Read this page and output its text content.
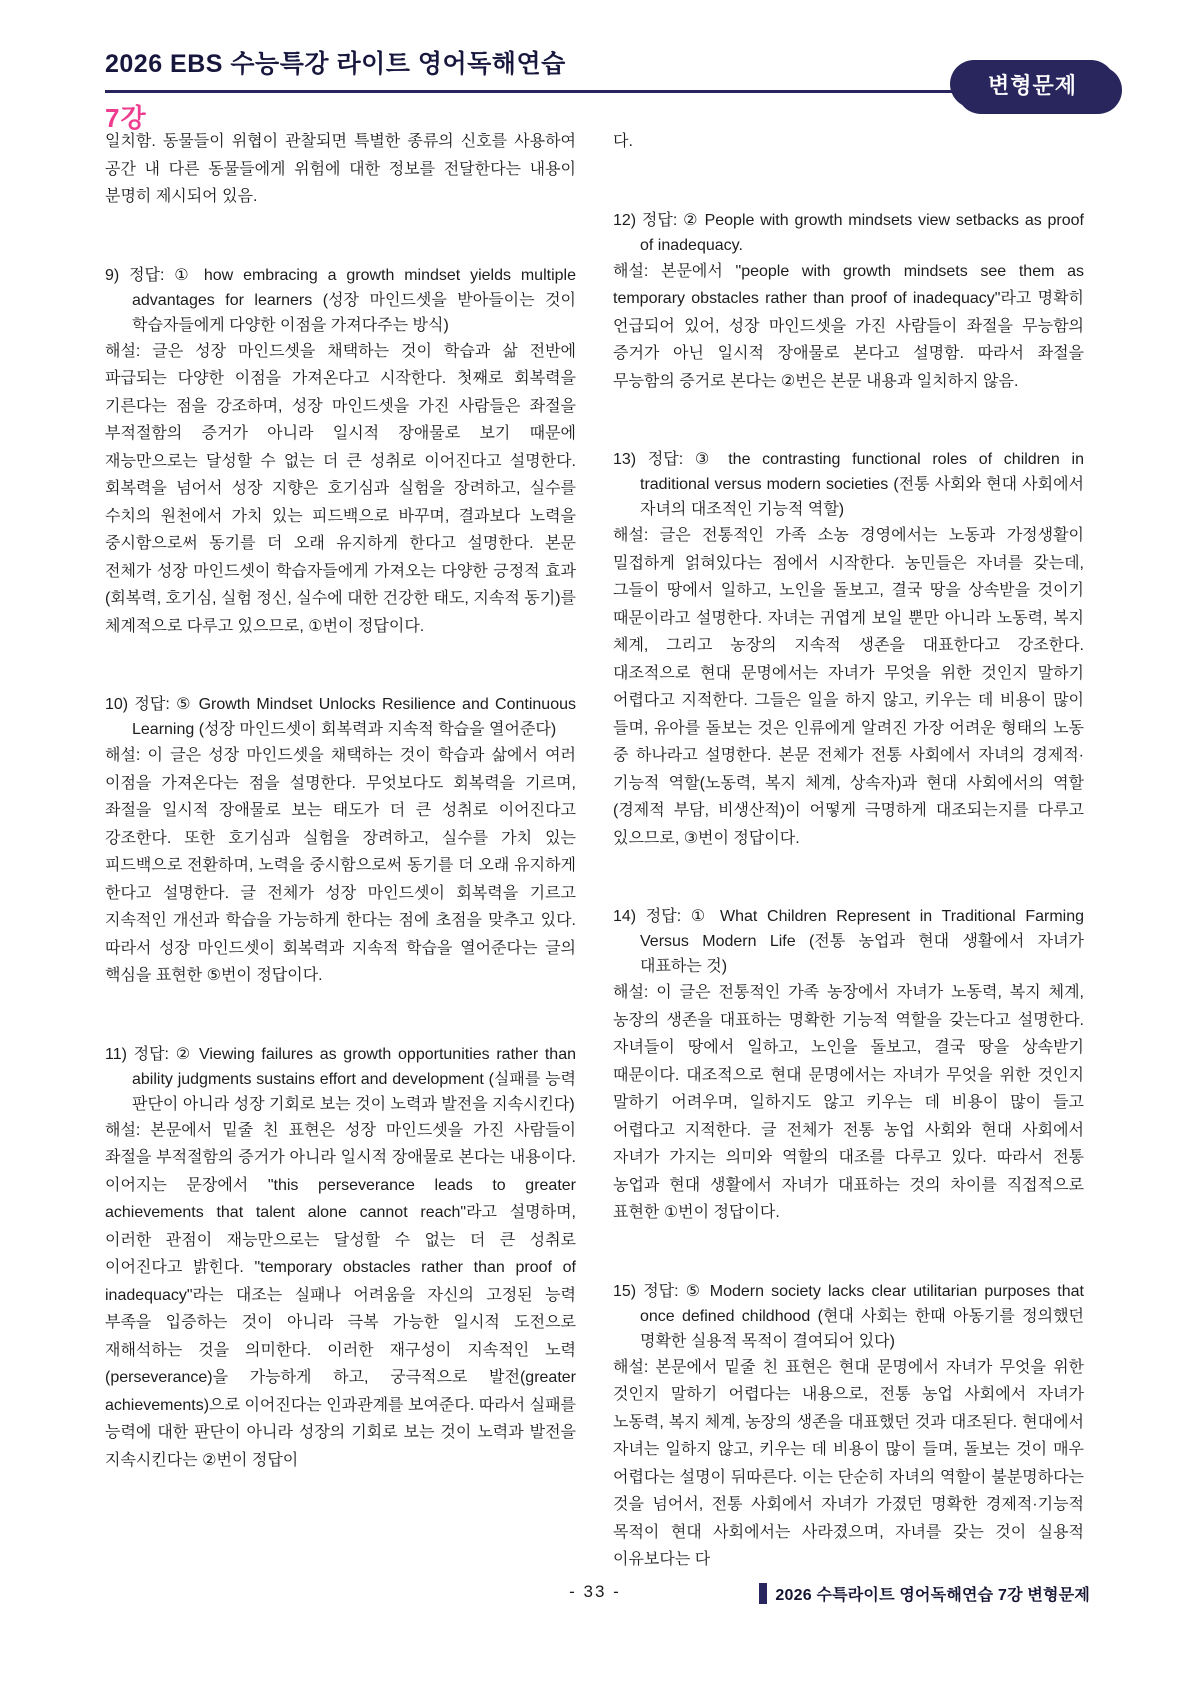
2026 EBS 수능특강 라이트 영어독해연습
변형문제
7강

일치함. 동물들이 위협이 관찰되면 특별한 종류의 신호를 사용하여 공간 내 다른 동물들에게 위험에 대한 정보를 전달한다는 내용이 분명히 제시되어 있음.

9) 정답: ① how embracing a growth mindset yields multiple advantages for learners (성장 마인드셋을 받아들이는 것이 학습자들에게 다양한 이점을 가져다주는 방식)

해설: 글은 성장 마인드셋을 채택하는 것이 학습과 삶 전반에 파급되는 다양한 이점을 가져온다고 시작한다. 첫째로 회복력을 기른다는 점을 강조하며, 성장 마인드셋을 가진 사람들은 좌절을 부적절함의 증거가 아니라 일시적 장애물로 보기 때문에 재능만으로는 달성할 수 없는 더 큰 성취로 이어진다고 설명한다. 회복력을 넘어서 성장 지향은 호기심과 실험을 장려하고, 실수를 수치의 원천에서 가치 있는 피드백으로 바꾸며, 결과보다 노력을 중시함으로써 동기를 더 오래 유지하게 한다고 설명한다. 본문 전체가 성장 마인드셋이 학습자들에게 가져오는 다양한 긍정적 효과(회복력, 호기심, 실험 정신, 실수에 대한 건강한 태도, 지속적 동기)를 체계적으로 다루고 있으므로, ①번이 정답이다.

10) 정답: ⑤ Growth Mindset Unlocks Resilience and Continuous Learning (성장 마인드셋이 회복력과 지속적 학습을 열어준다)

해설: 이 글은 성장 마인드셋을 채택하는 것이 학습과 삶에서 여러 이점을 가져온다는 점을 설명한다. 무엇보다도 회복력을 기르며, 좌절을 일시적 장애물로 보는 태도가 더 큰 성취로 이어진다고 강조한다. 또한 호기심과 실험을 장려하고, 실수를 가치 있는 피드백으로 전환하며, 노력을 중시함으로써 동기를 더 오래 유지하게 한다고 설명한다. 글 전체가 성장 마인드셋이 회복력을 기르고 지속적인 개선과 학습을 가능하게 한다는 점에 초점을 맞추고 있다. 따라서 성장 마인드셋이 회복력과 지속적 학습을 열어준다는 글의 핵심을 표현한 ⑤번이 정답이다.

11) 정답: ② Viewing failures as growth opportunities rather than ability judgments sustains effort and development (실패를 능력 판단이 아니라 성장 기회로 보는 것이 노력과 발전을 지속시킨다)

해설: 본문에서 밑줄 친 표현은 성장 마인드셋을 가진 사람들이 좌절을 부적절함의 증거가 아니라 일시적 장애물로 본다는 내용이다. 이어지는 문장에서 "this perseverance leads to greater achievements that talent alone cannot reach"라고 설명하며, 이러한 관점이 재능만으로는 달성할 수 없는 더 큰 성취로 이어진다고 밝힌다. "temporary obstacles rather than proof of inadequacy"라는 대조는 실패나 어려움을 자신의 고정된 능력 부족을 입증하는 것이 아니라 극복 가능한 일시적 도전으로 재해석하는 것을 의미한다. 이러한 재구성이 지속적인 노력(perseverance)을 가능하게 하고, 궁극적으로 발전(greater achievements)으로 이어진다는 인과관계를 보여준다. 따라서 실패를 능력에 대한 판단이 아니라 성장의 기회로 보는 것이 노력과 발전을 지속시킨다는 ②번이 정답이

다.

12) 정답: ② People with growth mindsets view setbacks as proof of inadequacy.

해설: 본문에서 "people with growth mindsets see them as temporary obstacles rather than proof of inadequacy"라고 명확히 언급되어 있어, 성장 마인드셋을 가진 사람들이 좌절을 무능함의 증거가 아닌 일시적 장애물로 본다고 설명함. 따라서 좌절을 무능함의 증거로 본다는 ②번은 본문 내용과 일치하지 않음.

13) 정답: ③ the contrasting functional roles of children in traditional versus modern societies (전통 사회와 현대 사회에서 자녀의 대조적인 기능적 역할)

해설: 글은 전통적인 가족 소농 경영에서는 노동과 가정생활이 밀접하게 얽혀있다는 점에서 시작한다. 농민들은 자녀를 갖는데, 그들이 땅에서 일하고, 노인을 돌보고, 결국 땅을 상속받을 것이기 때문이라고 설명한다. 자녀는 귀엽게 보일 뿐만 아니라 노동력, 복지 체계, 그리고 농장의 지속적 생존을 대표한다고 강조한다. 대조적으로 현대 문명에서는 자녀가 무엇을 위한 것인지 말하기 어렵다고 지적한다. 그들은 일을 하지 않고, 키우는 데 비용이 많이 들며, 유아를 돌보는 것은 인류에게 알려진 가장 어려운 형태의 노동 중 하나라고 설명한다. 본문 전체가 전통 사회에서 자녀의 경제적·기능적 역할(노동력, 복지 체계, 상속자)과 현대 사회에서의 역할(경제적 부담, 비생산적)이 어떻게 극명하게 대조되는지를 다루고 있으므로, ③번이 정답이다.

14) 정답: ① What Children Represent in Traditional Farming Versus Modern Life (전통 농업과 현대 생활에서 자녀가 대표하는 것)

해설: 이 글은 전통적인 가족 농장에서 자녀가 노동력, 복지 체계, 농장의 생존을 대표하는 명확한 기능적 역할을 갖는다고 설명한다. 자녀들이 땅에서 일하고, 노인을 돌보고, 결국 땅을 상속받기 때문이다. 대조적으로 현대 문명에서는 자녀가 무엇을 위한 것인지 말하기 어려우며, 일하지도 않고 키우는 데 비용이 많이 들고 어렵다고 지적한다. 글 전체가 전통 농업 사회와 현대 사회에서 자녀가 가지는 의미와 역할의 대조를 다루고 있다. 따라서 전통 농업과 현대 생활에서 자녀가 대표하는 것의 차이를 직접적으로 표현한 ①번이 정답이다.

15) 정답: ⑤ Modern society lacks clear utilitarian purposes that once defined childhood (현대 사회는 한때 아동기를 정의했던 명확한 실용적 목적이 결여되어 있다)

해설: 본문에서 밑줄 친 표현은 현대 문명에서 자녀가 무엇을 위한 것인지 말하기 어렵다는 내용으로, 전통 농업 사회에서 자녀가 노동력, 복지 체계, 농장의 생존을 대표했던 것과 대조된다. 현대에서 자녀는 일하지 않고, 키우는 데 비용이 많이 들며, 돌보는 것이 매우 어렵다는 설명이 뒤따른다. 이는 단순히 자녀의 역할이 불분명하다는 것을 넘어서, 전통 사회에서 자녀가 가졌던 명확한 경제적·기능적 목적이 현대 사회에서는 사라졌으며, 자녀를 갖는 것이 실용적 이유보다는 다

- 33 -	2026 수특라이트 영어독해연습 7강 변형문제
